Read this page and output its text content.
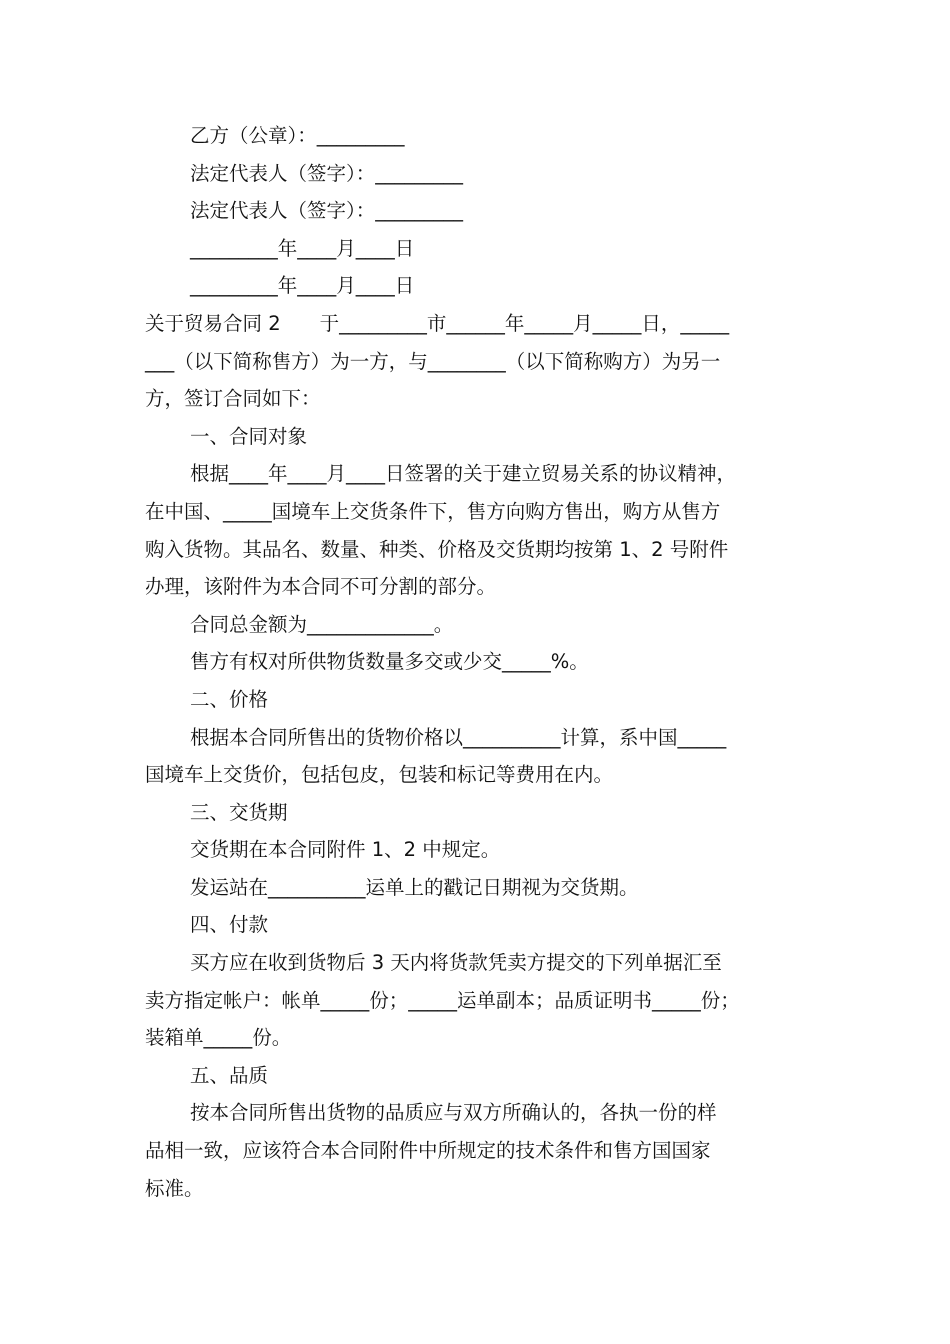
乙方（公章）：_________
法定代表人（签字）：_________
法定代表人（签字）：_________
_________年____月____日
_________年____月____日
关于贸易合同 2　　于_________市______年_____月_____日，_____
___（以下简称售方）为一方，与________（以下简称购方）为另一
方，签订合同如下：
一、合同对象
根据____年____月____日签署的关于建立贸易关系的协议精神，
在中国、_____国境车上交货条件下，售方向购方售出，购方从售方
购入货物。其品名、数量、种类、价格及交货期均按第 1、2 号附件
办理，该附件为本合同不可分割的部分。
合同总金额为_____________。
售方有权对所供物货数量多交或少交_____%。
二、价格
根据本合同所售出的货物价格以__________计算，系中国_____
国境车上交货价，包括包皮，包装和标记等费用在内。
三、交货期
交货期在本合同附件 1、2 中规定。
发运站在__________运单上的戳记日期视为交货期。
四、付款
买方应在收到货物后 3 天内将货款凭卖方提交的下列单据汇至
卖方指定帐户：帐单_____份；_____运单副本；品质证明书_____份；
装箱单_____份。
五、品质
按本合同所售出货物的品质应与双方所确认的，各执一份的样
品相一致，应该符合本合同附件中所规定的技术条件和售方国国家
标准。
